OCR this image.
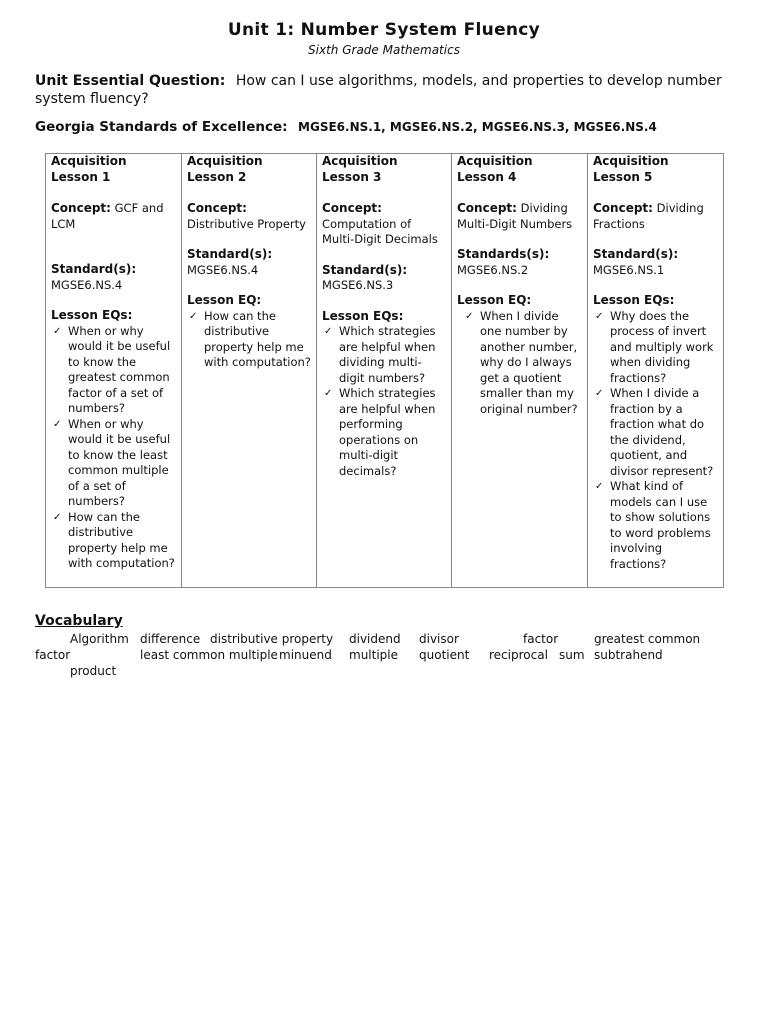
Unit 1: Number System Fluency
Sixth Grade Mathematics
Unit Essential Question: How can I use algorithms, models, and properties to develop number system fluency?
Georgia Standards of Excellence: MGSE6.NS.1, MGSE6.NS.2, MGSE6.NS.3, MGSE6.NS.4
Acquisition Lesson 1
Concept: GCF and LCM
Standard(s):
MGSE6.NS.4
Lesson EQs:
✓ When or why would it be useful to know the greatest common factor of a set of numbers?
✓ When or why would it be useful to know the least common multiple of a set of numbers?
✓ How can the distributive property help me with computation?

Acquisition Lesson 2
Concept:
Distributive Property
Standard(s):
MGSE6.NS.4
Lesson EQ:
✓ How can the distributive property help me with computation?

Acquisition Lesson 3
Concept:
Computation of Multi-Digit Decimals
Standard(s):
MGSE6.NS.3
Lesson EQs:
✓ Which strategies are helpful when dividing multi-digit numbers?
✓ Which strategies are helpful when performing operations on multi-digit decimals?

Acquisition Lesson 4
Concept: Dividing Multi-Digit Numbers
Standards(s):
MGSE6.NS.2
Lesson EQ:
✓ When I divide one number by another number, why do I always get a quotient smaller than my original number?

Acquisition Lesson 5
Concept: Dividing Fractions
Standard(s):
MGSE6.NS.1
Lesson EQs:
✓ Why does the process of invert and multiply work when dividing fractions?
✓ When I divide a fraction by a fraction what do the dividend, quotient, and divisor represent?
✓ What kind of models can I use to show solutions to word problems involving fractions?
Vocabulary
Algorithm difference distributive property dividend divisor	factor	greatest common
factor	least common multiple minuend multiple quotient reciprocal sum subtrahend
product
